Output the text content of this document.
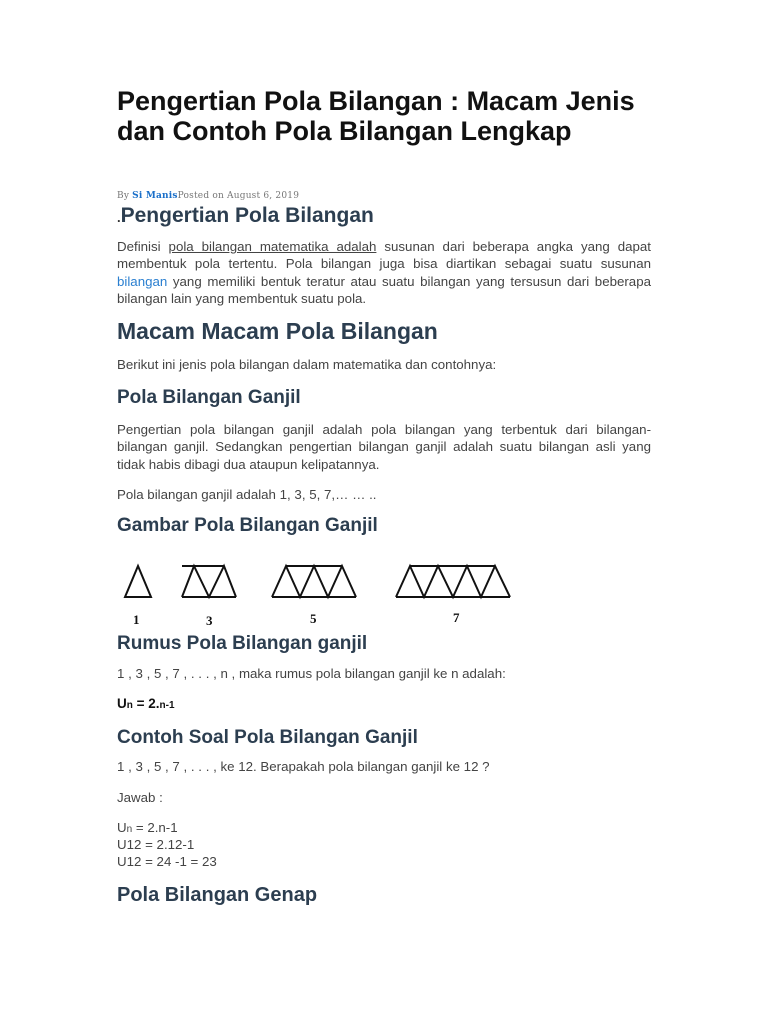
Pengertian Pola Bilangan : Macam Jenis dan Contoh Pola Bilangan Lengkap
By Si ManisPosted on August 6, 2019
.Pengertian Pola Bilangan

Definisi pola bilangan matematika adalah susunan dari beberapa angka yang dapat membentuk pola tertentu. Pola bilangan juga bisa diartikan sebagai suatu susunan bilangan yang memiliki bentuk teratur atau suatu bilangan yang tersusun dari beberapa bilangan lain yang membentuk suatu pola.

Macam Macam Pola Bilangan

Berikut ini jenis pola bilangan dalam matematika dan contohnya:

Pola Bilangan Ganjil

Pengertian pola bilangan ganjil adalah pola bilangan yang terbentuk dari bilangan-bilangan ganjil. Sedangkan pengertian bilangan ganjil adalah suatu bilangan asli yang tidak habis dibagi dua ataupun kelipatannya.

Pola bilangan ganjil adalah 1, 3, 5, 7,… … ..

Gambar Pola Bilangan Ganjil
1	3	5	7
Rumus Pola Bilangan ganjil

1 , 3 , 5 , 7 , . . . , n , maka rumus pola bilangan ganjil ke n adalah:

Un = 2.n-1
Contoh Soal Pola Bilangan Ganjil

1 , 3 , 5 , 7 , . . . , ke 12. Berapakah pola bilangan ganjil ke 12 ?

Jawab :

Un = 2.n-1
U12 = 2.12-1
U12 = 24 -1 = 23
Pola Bilangan Genap
